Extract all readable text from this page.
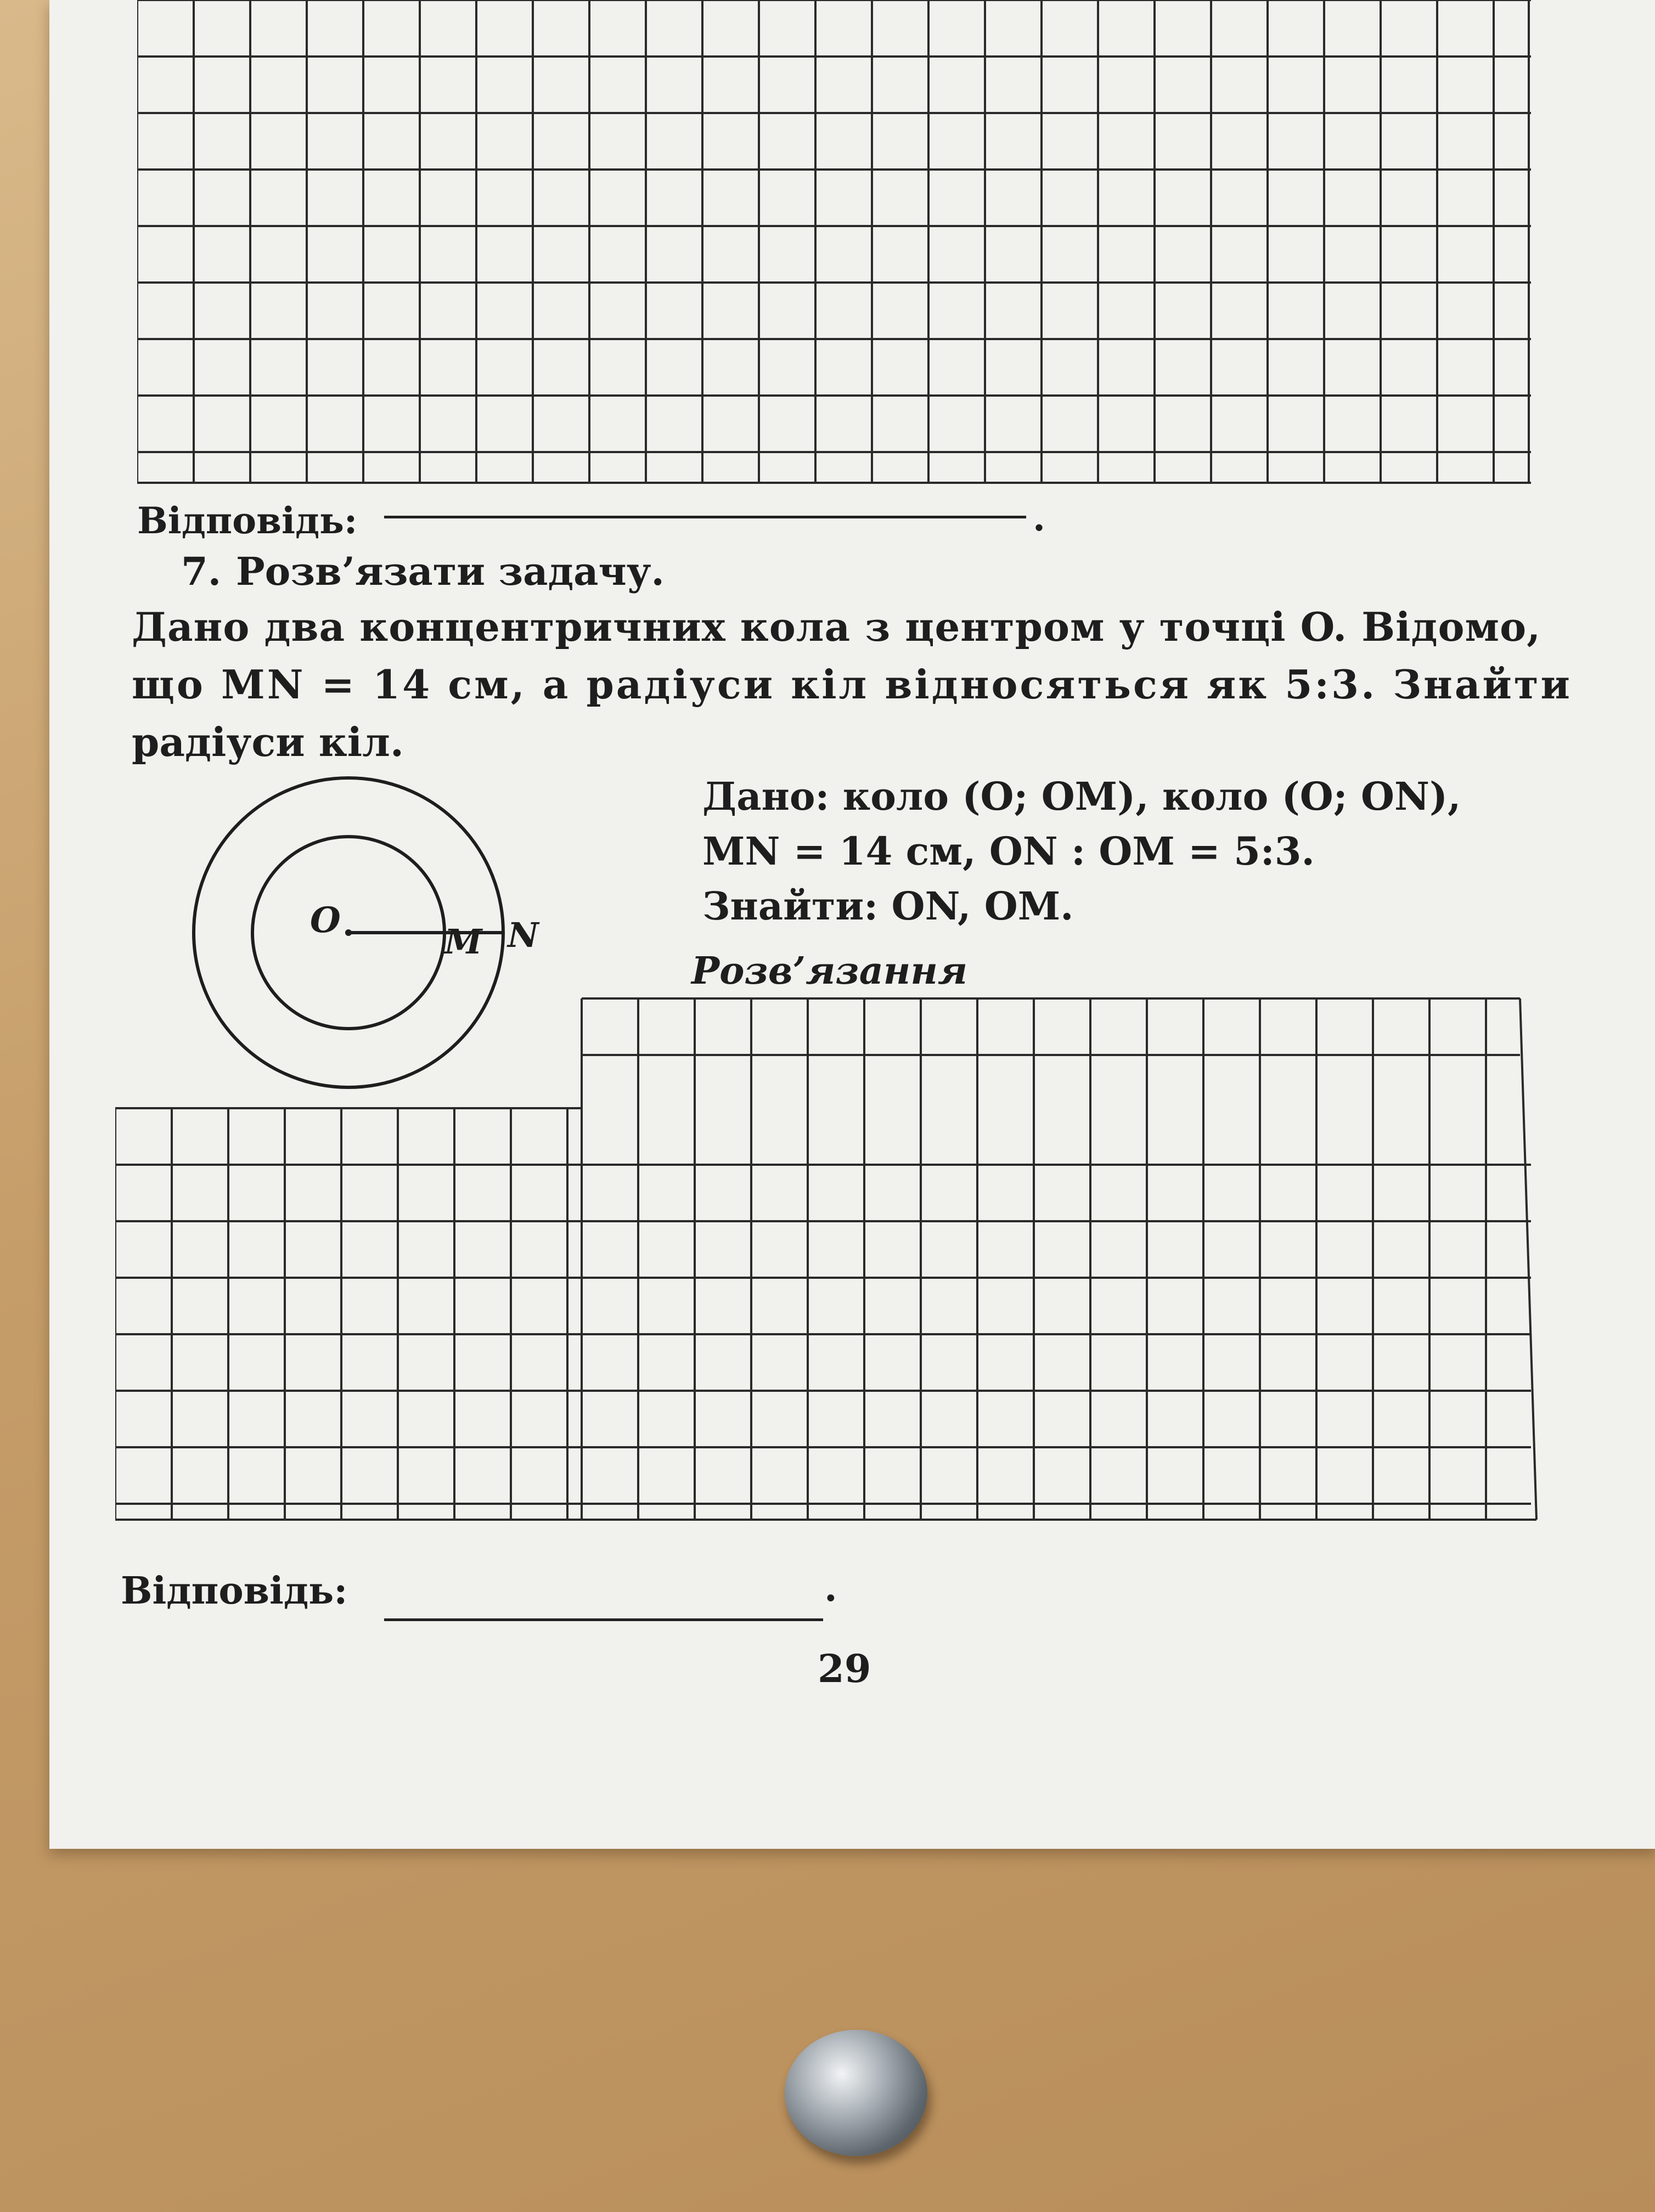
Відповідь:	.
7. Розв’язати задачу.
Дано два концентричних кола з центром у точці O. Відомо,
що MN = 14 см, а радіуси кіл відносяться як 5:3. Знайти
радіуси кіл.
O
M N
Дано: коло (O; OM), коло (O; ON),
MN = 14 см, ON : OM = 5:3.
Знайти: ON, OM.
Розв’язання
Відповідь:	.
29
